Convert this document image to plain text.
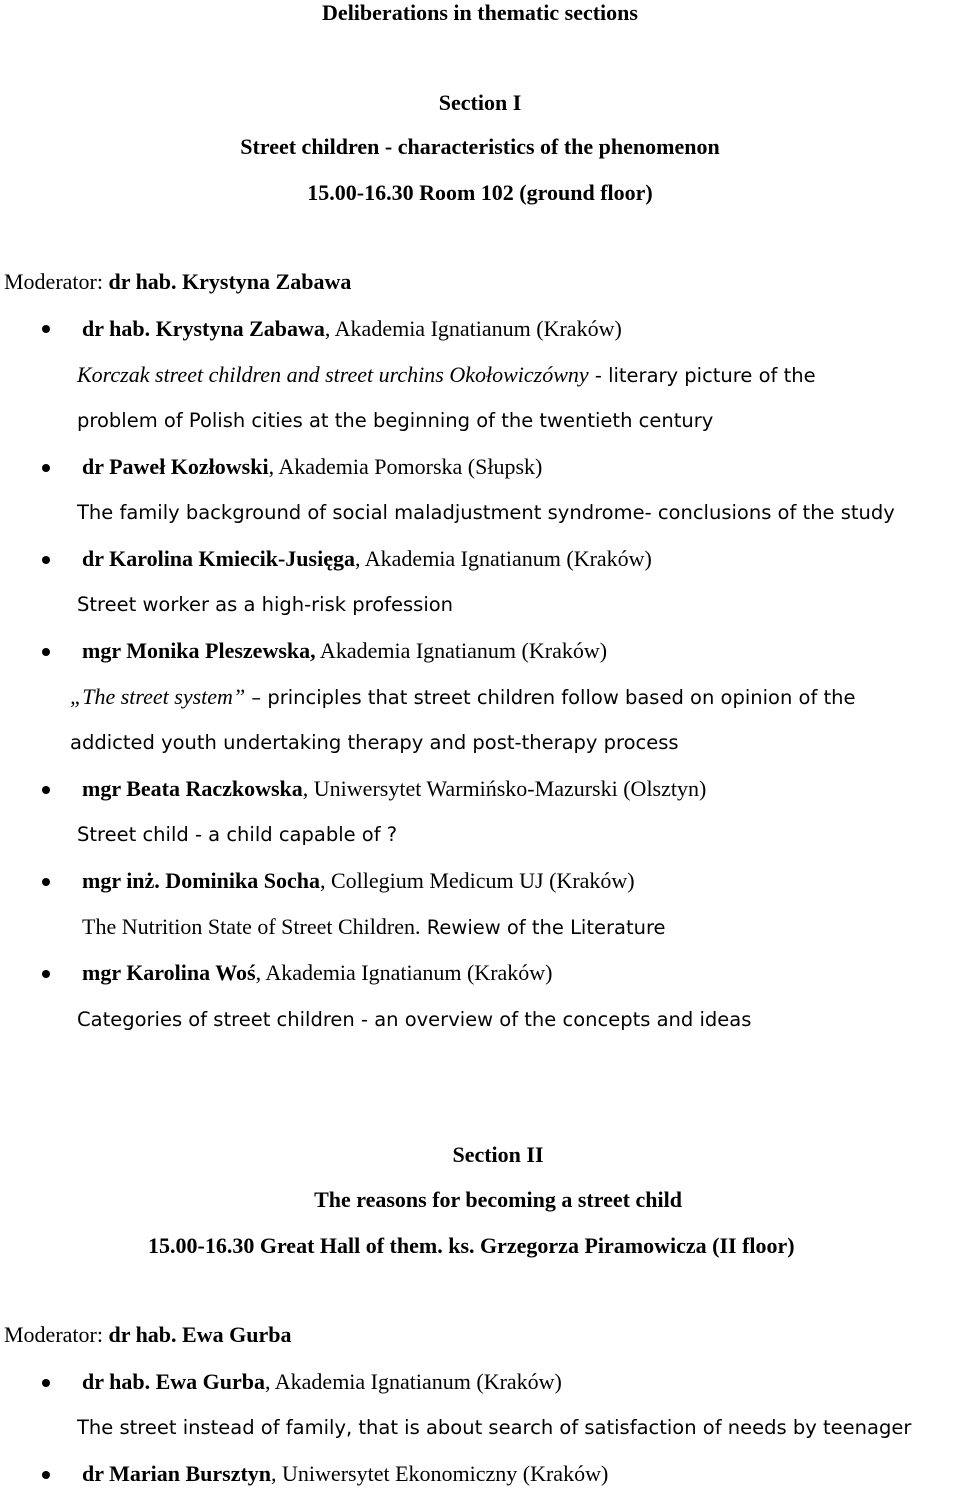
Deliberations in thematic sections
Section I
Street children - characteristics of the phenomenon
15.00-16.30 Room 102 (ground floor)
Moderator: dr hab. Krystyna Zabawa
dr hab. Krystyna Zabawa, Akademia Ignatianum (Kraków)
Korczak street children and street urchins Okołowiczówny - literary picture of the
problem of Polish cities at the beginning of the twentieth century
dr Paweł Kozłowski, Akademia Pomorska (Słupsk)
The family background of social maladjustment syndrome- conclusions of the study
dr Karolina Kmiecik-Jusięga, Akademia Ignatianum (Kraków)
Street worker as a high-risk profession
mgr Monika Pleszewska, Akademia Ignatianum (Kraków)
„The street system” – principles that street children follow based on opinion of the
addicted youth undertaking therapy and post-therapy process
mgr Beata Raczkowska, Uniwersytet Warmińsko-Mazurski (Olsztyn)
Street child - a child capable of ?
mgr inż. Dominika Socha, Collegium Medicum UJ (Kraków)
The Nutrition State of Street Children. Rewiew of the Literature
mgr Karolina Woś, Akademia Ignatianum (Kraków)
Categories of street children - an overview of the concepts and ideas
Section II
The reasons for becoming a street child
15.00-16.30 Great Hall of them. ks. Grzegorza Piramowicza (II floor)
Moderator: dr hab. Ewa Gurba
dr hab. Ewa Gurba, Akademia Ignatianum (Kraków)
The street instead of family, that is about search of satisfaction of needs by teenager
dr Marian Bursztyn, Uniwersytet Ekonomiczny (Kraków)
